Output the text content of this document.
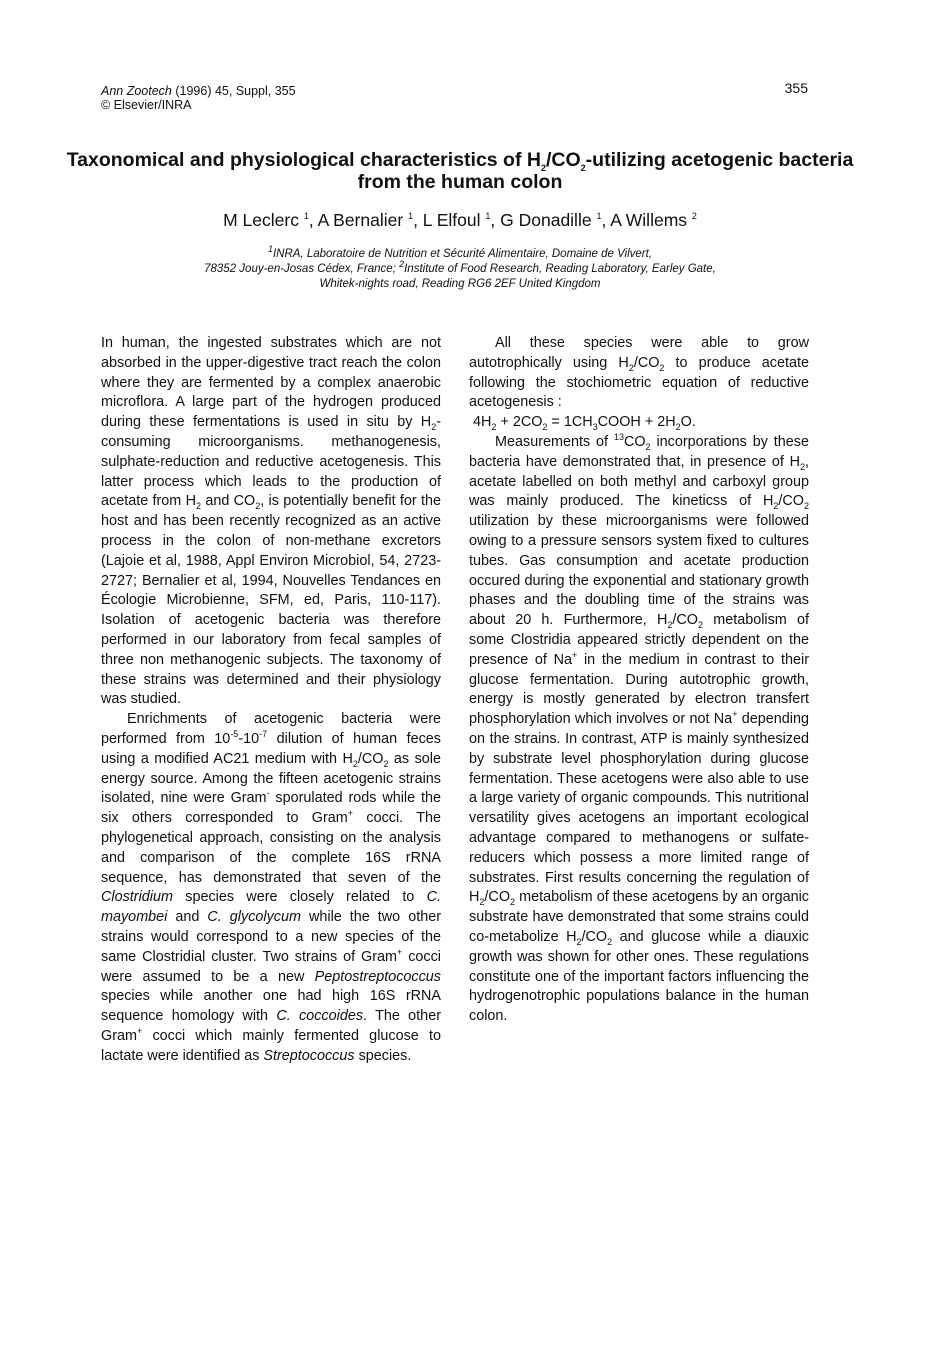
Ann Zootech (1996) 45, Suppl, 355
© Elsevier/INRA
355
Taxonomical and physiological characteristics of $H_2/CO_2$-utilizing acetogenic bacteria from the human colon
M Leclerc $^1$, A Bernalier $^1$, L Elfoul $^1$, G Donadille $^1$, A Willems $^2$
$^1$INRA, Laboratoire de Nutrition et Sécurité Alimentaire, Domaine de Vilvert,
78352 Jouy-en-Josas Cédex, France; $^2$Institute of Food Research, Reading Laboratory, Earley Gate,
Whitek-nights road, Reading RG6 2EF United Kingdom

In human, the ingested substrates which are not absorbed in the upper-digestive tract reach the colon where they are fermented by a complex anaerobic microflora. A large part of the hydrogen produced during these fermentations is used in situ by $H_2$-consuming microorganisms. methanogenesis, sulphate-reduction and reductive acetogenesis. This latter process which leads to the production of acetate from $H_2$ and $CO_2$, is potentially benefit for the host and has been recently recognized as an active process in the colon of non-methane excretors (Lajoie et al, 1988, Appl Environ Microbiol, 54, 2723-2727; Bernalier et al, 1994, Nouvelles Tendances en Écologie Microbienne, SFM, ed, Paris, 110-117). Isolation of acetogenic bacteria was therefore performed in our laboratory from fecal samples of three non methanogenic subjects. The taxonomy of these strains was determined and their physiology was studied.

Enrichments of acetogenic bacteria were performed from $10^{-5}-10^{-7}$ dilution of human feces using a modified AC21 medium with $H_2/CO_2$ as sole energy source. Among the fifteen acetogenic strains isolated, nine were Gram- sporulated rods while the six others corresponded to Gram+ cocci. The phylogenetical approach, consisting on the analysis and comparison of the complete 16S rRNA sequence, has demonstrated that seven of the Clostridium species were closely related to C. mayombei and C. glycolycum while the two other strains would correspond to a new species of the same Clostridial cluster. Two strains of Gram+ cocci were assumed to be a new Peptostreptococcus species while another one had high 16S rRNA sequence homology with C. coccoides. The other Gram+ cocci which mainly fermented glucose to lactate were identified as Streptococcus species.

All these species were able to grow autotrophically using $H_2/CO_2$ to produce acetate following the stochiometric equation of reductive acetogenesis :

$4H_2 + 2CO_2$ = $1CH_3COOH + 2H_2O$.

Measurements of $^{13}CO_2$ incorporations by these bacteria have demonstrated that, in presence of $H_2$, acetate labelled on both methyl and carboxyl group was mainly produced. The kineticss of $H_2/CO_2$ utilization by these microorganisms were followed owing to a pressure sensors system fixed to cultures tubes. Gas consumption and acetate production occured during the exponential and stationary growth phases and the doubling time of the strains was about 20 h. Furthermore, $H_2/CO_2$ metabolism of some Clostridia appeared strictly dependent on the presence of Na+ in the medium in contrast to their glucose fermentation. During autotrophic growth, energy is mostly generated by electron transfert phosphorylation which involves or not Na+ depending on the strains. In contrast, ATP is mainly synthesized by substrate level phosphorylation during glucose fermentation. These acetogens were also able to use a large variety of organic compounds. This nutritional versatility gives acetogens an important ecological advantage compared to methanogens or sulfate-reducers which possess a more limited range of substrates. First results concerning the regulation of $H_2/CO_2$ metabolism of these acetogens by an organic substrate have demonstrated that some strains could co-metabolize $H_2/CO_2$ and glucose while a diauxic growth was shown for other ones. These regulations constitute one of the important factors influencing the hydrogenotrophic populations balance in the human colon.
